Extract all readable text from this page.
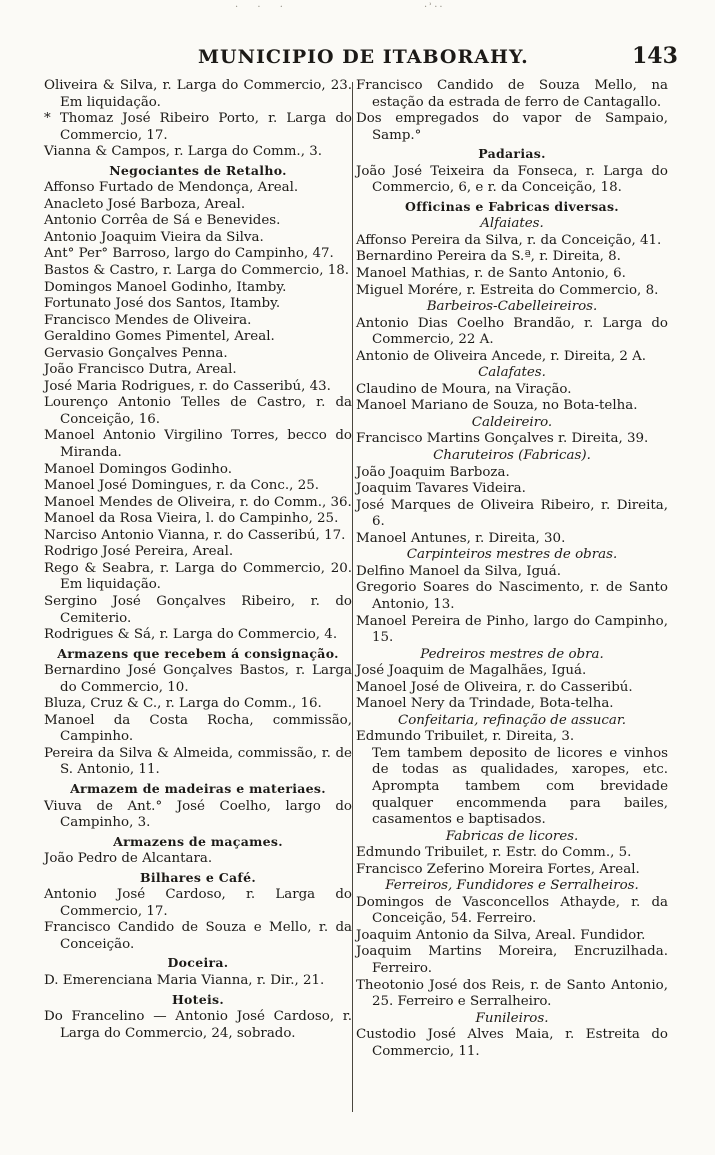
· · ·	·ʾ··
MUNICIPIO DE ITABORAHY.	143

Oliveira & Silva, r. Larga do Commercio, 23. Em liquidação.

* Thomaz José Ribeiro Porto, r. Larga do Commercio, 17.

Vianna & Campos, r. Larga do Comm., 3.

Negociantes de Retalho.

Affonso Furtado de Mendonça, Areal.

Anacleto José Barboza, Areal.

Antonio Corrêa de Sá e Benevides.

Antonio Joaquim Vieira da Silva.

Ant° Per° Barroso, largo do Campinho, 47.

Bastos & Castro, r. Larga do Commercio, 18.

Domingos Manoel Godinho, Itamby.

Fortunato José dos Santos, Itamby.

Francisco Mendes de Oliveira.

Geraldino Gomes Pimentel, Areal.

Gervasio Gonçalves Penna.

João Francisco Dutra, Areal.

José Maria Rodrigues, r. do Casseribú, 43.

Lourenço Antonio Telles de Castro, r. da Conceição, 16.

Manoel Antonio Virgilino Torres, becco do Miranda.

Manoel Domingos Godinho.

Manoel José Domingues, r. da Conc., 25.

Manoel Mendes de Oliveira, r. do Comm., 36.

Manoel da Rosa Vieira, l. do Campinho, 25.

Narciso Antonio Vianna, r. do Casseribú, 17.

Rodrigo José Pereira, Areal.

Rego & Seabra, r. Larga do Commercio, 20. Em liquidação.

Sergino José Gonçalves Ribeiro, r. do Cemiterio.

Rodrigues & Sá, r. Larga do Commercio, 4.

Armazens que recebem á consignação.

Bernardino José Gonçalves Bastos, r. Larga do Commercio, 10.

Bluza, Cruz & C., r. Larga do Comm., 16.

Manoel da Costa Rocha, commissão, Campinho.

Pereira da Silva & Almeida, commissão, r. de S. Antonio, 11.

Armazem de madeiras e materiaes.

Viuva de Ant.° José Coelho, largo do Campinho, 3.

Armazens de maçames.

João Pedro de Alcantara.

Bilhares e Café.

Antonio José Cardoso, r. Larga do Commercio, 17.

Francisco Candido de Souza e Mello, r. da Conceição.

Doceira.

D. Emerenciana Maria Vianna, r. Dir., 21.

Hoteis.

Do Francelino — Antonio José Cardoso, r. Larga do Commercio, 24, sobrado.

Francisco Candido de Souza Mello, na estação da estrada de ferro de Cantagallo.

Dos empregados do vapor de Sampaio, Samp.°

Padarias.

João José Teixeira da Fonseca, r. Larga do Commercio, 6, e r. da Conceição, 18.

Officinas e Fabricas diversas.

Alfaiates.

Affonso Pereira da Silva, r. da Conceição, 41.

Bernardino Pereira da S.ª, r. Direita, 8.

Manoel Mathias, r. de Santo Antonio, 6.

Miguel Morére, r. Estreita do Commercio, 8.

Barbeiros-Cabelleireiros.

Antonio Dias Coelho Brandão, r. Larga do Commercio, 22 A.

Antonio de Oliveira Ancede, r. Direita, 2 A.

Calafates.

Claudino de Moura, na Viração.

Manoel Mariano de Souza, no Bota-telha.

Caldeireiro.

Francisco Martins Gonçalves r. Direita, 39.

Charuteiros (Fabricas).

João Joaquim Barboza.

Joaquim Tavares Videira.

José Marques de Oliveira Ribeiro, r. Direita, 6.

Manoel Antunes, r. Direita, 30.

Carpinteiros mestres de obras.

Delfino Manoel da Silva, Iguá.

Gregorio Soares do Nascimento, r. de Santo Antonio, 13.

Manoel Pereira de Pinho, largo do Campinho, 15.

Pedreiros mestres de obra.

José Joaquim de Magalhães, Iguá.

Manoel José de Oliveira, r. do Casseribú.

Manoel Nery da Trindade, Bota-telha.

Confeitaria, refinação de assucar.

Edmundo Tribuilet, r. Direita, 3.

Tem tambem deposito de licores e vinhos de todas as qualidades, xaropes, etc. Apromptа tambem com brevidade qualquer encommenda para bailes, casamentos e baptisados.

Fabricas de licores.

Edmundo Tribuilet, r. Estr. do Comm., 5.

Francisco Zeferino Moreira Fortes, Areal.

Ferreiros, Fundidores e Serralheiros.

Domingos de Vasconcellos Athayde, r. da Conceição, 54. Ferreiro.

Joaquim Antonio da Silva, Areal. Fundidor.

Joaquim Martins Moreira, Encruzilhada. Ferreiro.

Theotonio José dos Reis, r. de Santo Antonio, 25. Ferreiro e Serralheiro.

Funileiros.

Custodio José Alves Maia, r. Estreita do Commercio, 11.
